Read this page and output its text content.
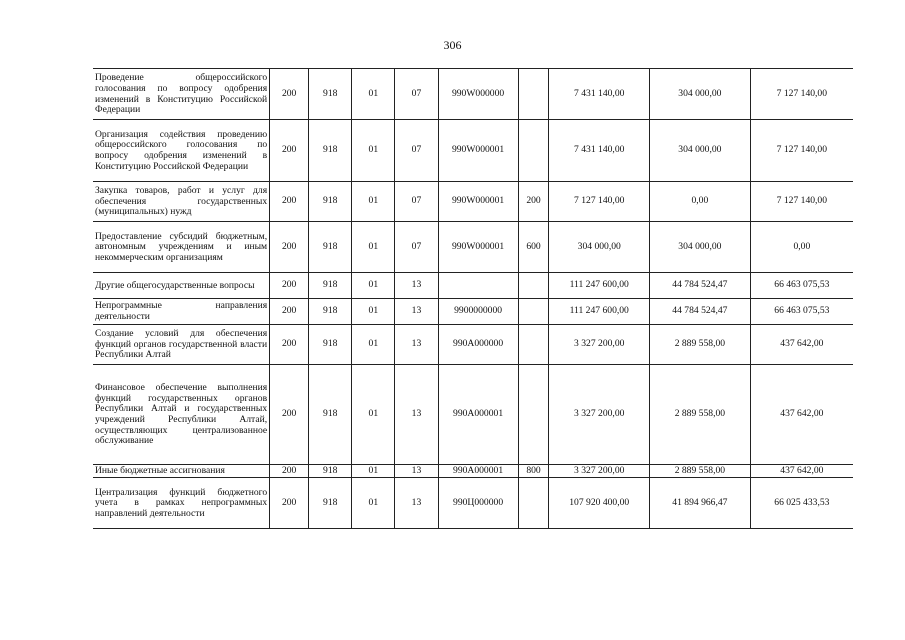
306
Проведение общероссийского голосования по вопросу одобрения изменений в Конституцию Российской Федерации	200	918	01	07	990W000000		7 431 140,00	304 000,00	7 127 140,00
Организация содействия проведению общероссийского голосования по вопросу одобрения изменений в Конституцию Российской Федерации	200	918	01	07	990W000001		7 431 140,00	304 000,00	7 127 140,00
Закупка товаров, работ и услуг для обеспечения государственных (муниципальных) нужд	200	918	01	07	990W000001	200	7 127 140,00	0,00	7 127 140,00
Предоставление субсидий бюджетным, автономным учреждениям и иным некоммерческим организациям	200	918	01	07	990W000001	600	304 000,00	304 000,00	0,00
Другие общегосударственные вопросы	200	918	01	13			111 247 600,00	44 784 524,47	66 463 075,53
Непрограммные направления деятельности	200	918	01	13	9900000000		111 247 600,00	44 784 524,47	66 463 075,53
Создание условий для обеспечения функций органов государственной власти Республики Алтай	200	918	01	13	990А000000		3 327 200,00	2 889 558,00	437 642,00
Финансовое обеспечение выполнения функций государственных органов Республики Алтай и государственных учреждений Республики Алтай, осуществляющих централизованное обслуживание	200	918	01	13	990А000001		3 327 200,00	2 889 558,00	437 642,00
Иные бюджетные ассигнования	200	918	01	13	990А000001	800	3 327 200,00	2 889 558,00	437 642,00
Централизация функций бюджетного учета в рамках непрограммных направлений деятельности	200	918	01	13	990Ц000000		107 920 400,00	41 894 966,47	66 025 433,53
